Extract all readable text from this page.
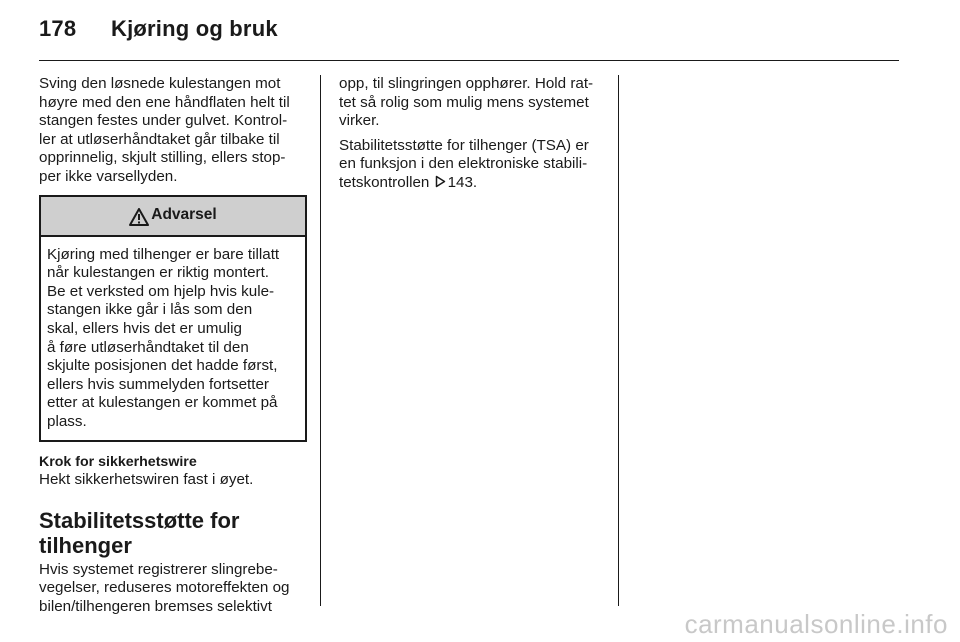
178 Kjøring og bruk
Sving den løsnede kulestangen mot
høyre med den ene håndflaten helt til
stangen festes under gulvet. Kontrol-
ler at utløserhåndtaket går tilbake til
opprinnelig, skjult stilling, ellers stop-
per ikke varsellyden.
Advarsel
Kjøring med tilhenger er bare tillatt
når kulestangen er riktig montert.
Be et verksted om hjelp hvis kule-
stangen ikke går i lås som den
skal, ellers hvis det er umulig
å føre utløserhåndtaket til den
skjulte posisjonen det hadde først,
ellers hvis summelyden fortsetter
etter at kulestangen er kommet på
plass.
Krok for sikkerhetswire
Hekt sikkerhetswiren fast i øyet.
Stabilitetsstøtte for
tilhenger
Hvis systemet registrerer slingrebe-
vegelser, reduseres motoreffekten og
bilen/tilhengeren bremses selektivt
opp, til slingringen opphører. Hold rat-
tet så rolig som mulig mens systemet
virker.
Stabilitetsstøtte for tilhenger (TSA) er
en funksjon i den elektroniske stabili-
tetskontrollen 143.
carmanualsonline.info
